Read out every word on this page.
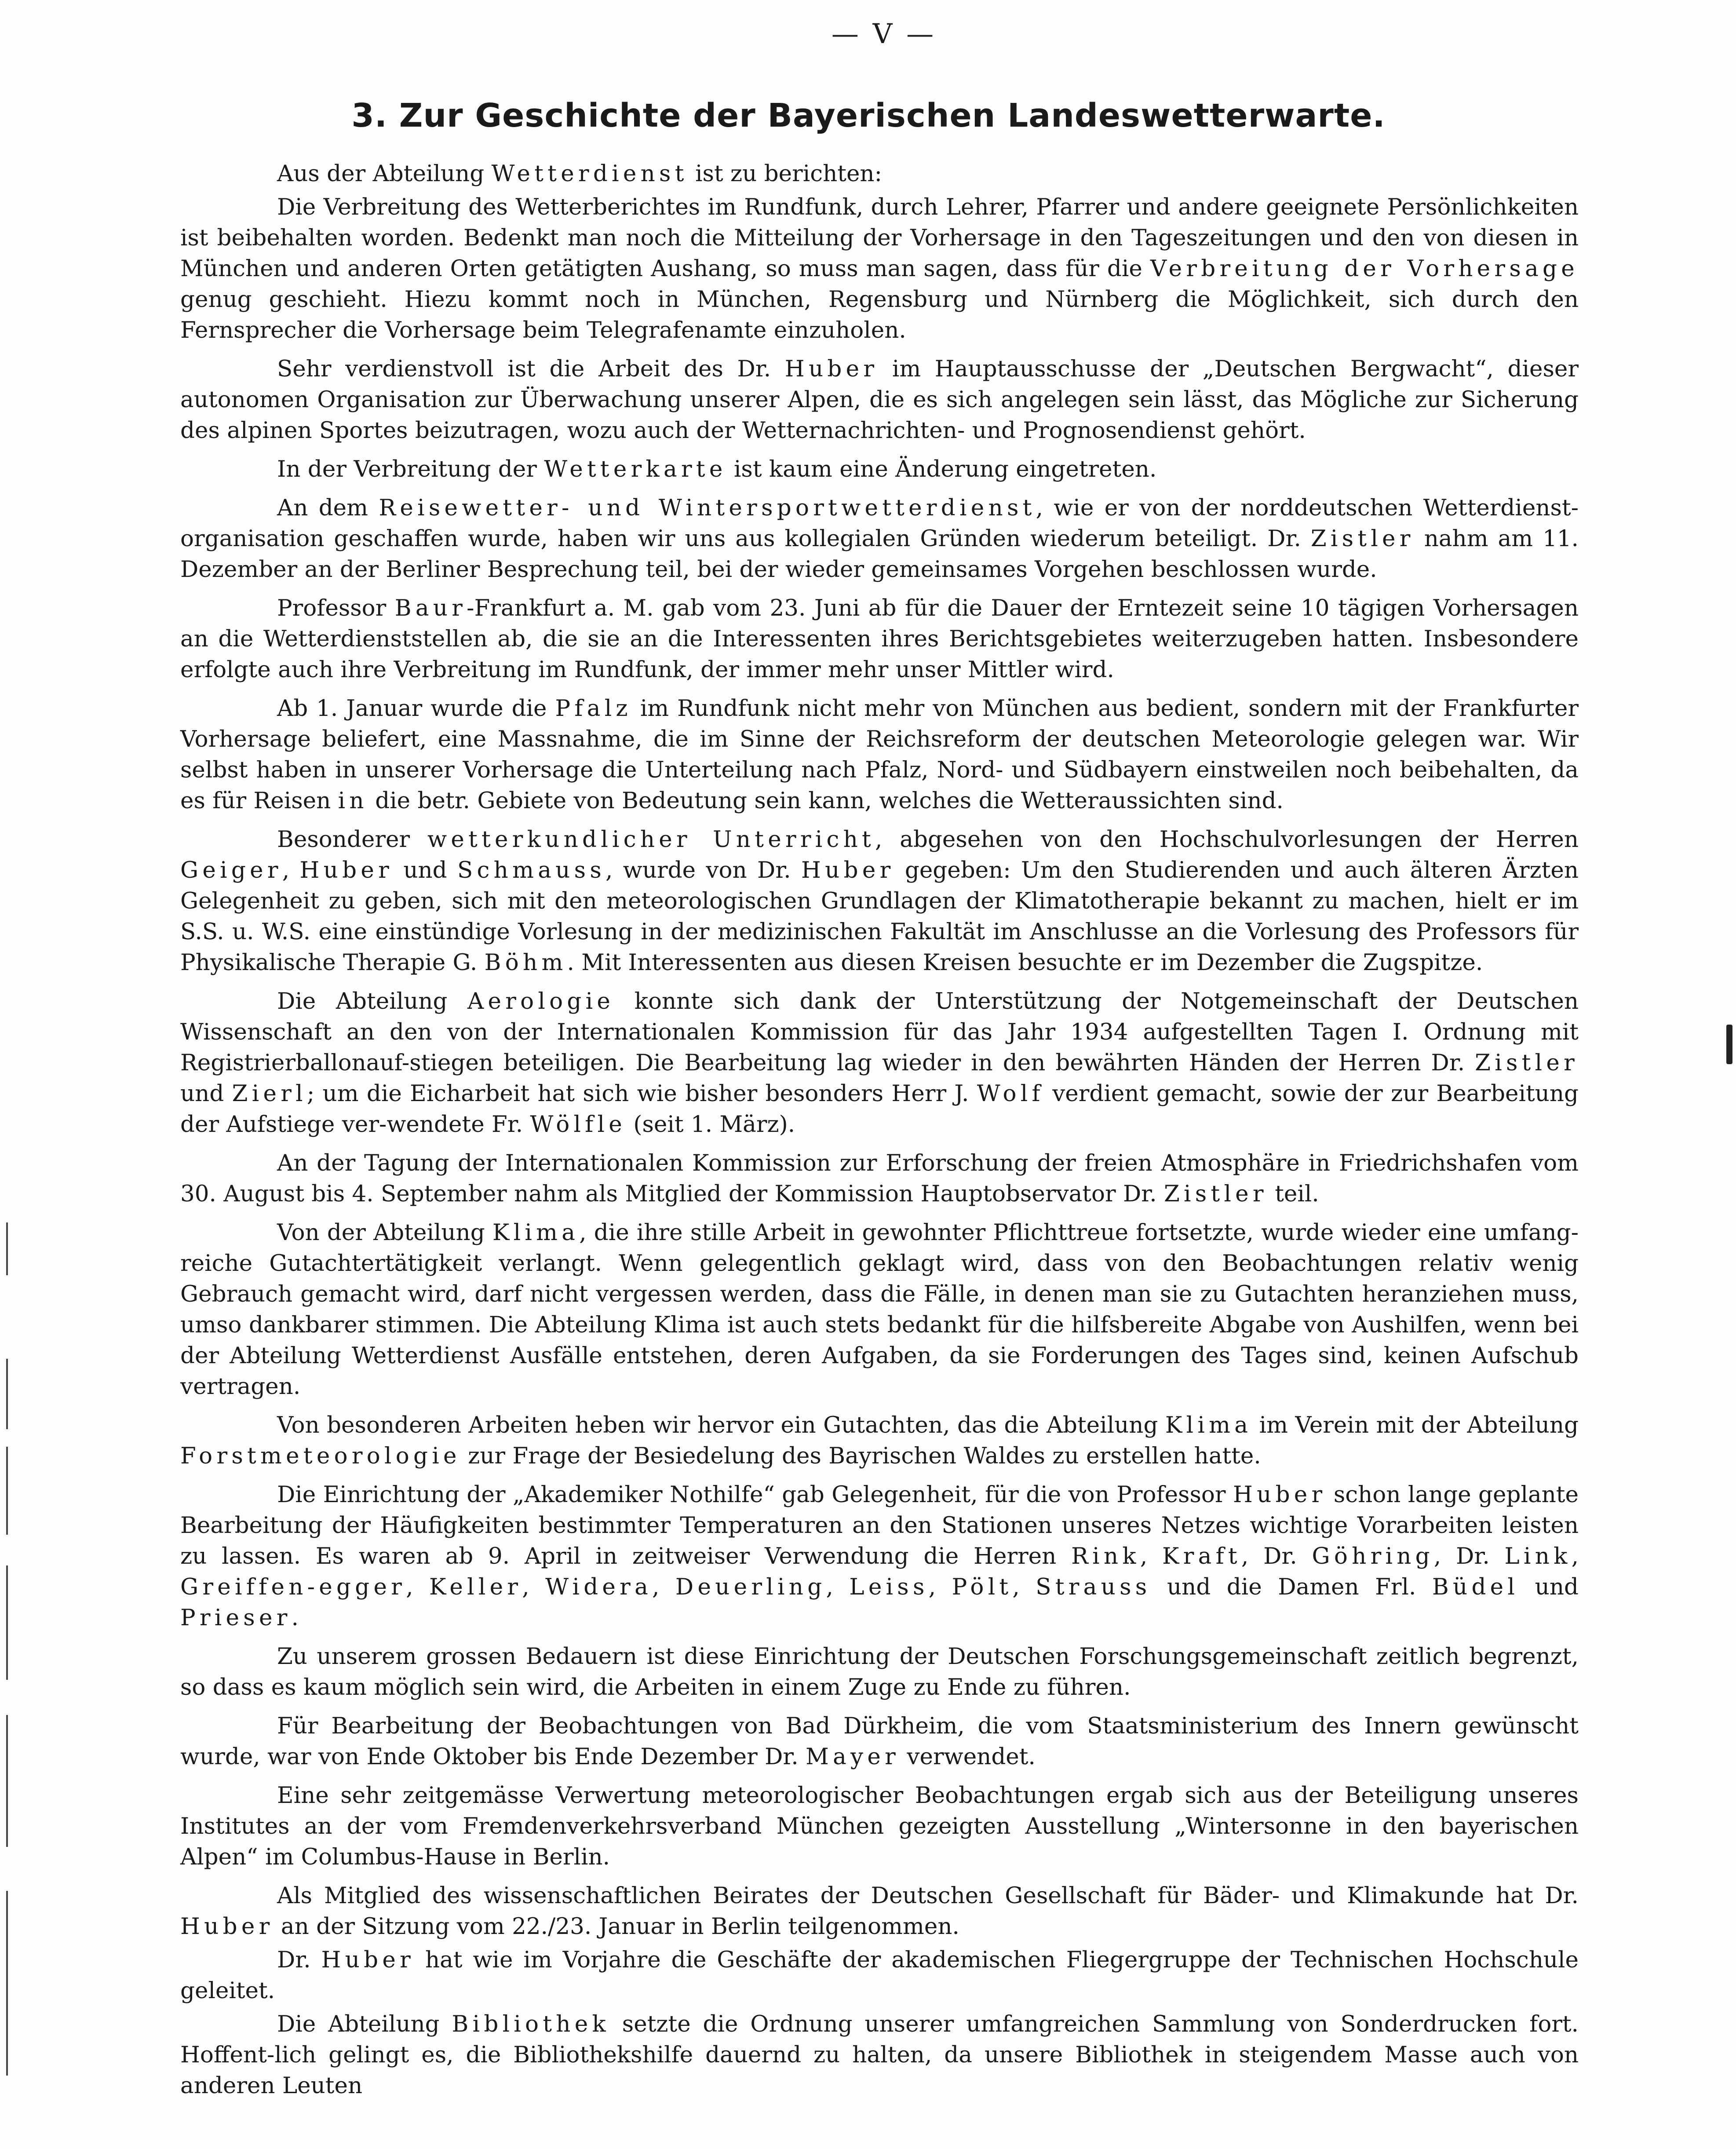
— V —
3. Zur Geschichte der Bayerischen Landeswetterwarte.

Aus der Abteilung Wetterdienst ist zu berichten:

Die Verbreitung des Wetterberichtes im Rundfunk, durch Lehrer, Pfarrer und andere geeignete Persönlichkeiten ist beibehalten worden. Bedenkt man noch die Mitteilung der Vorhersage in den Tageszeitungen und den von diesen in München und anderen Orten getätigten Aushang, so muss man sagen, dass für die Verbreitung der Vorhersage genug geschieht. Hiezu kommt noch in München, Regensburg und Nürnberg die Möglichkeit, sich durch den Fernsprecher die Vorhersage beim Telegrafenamte einzuholen.

Sehr verdienstvoll ist die Arbeit des Dr. Huber im Hauptausschusse der „Deutschen Bergwacht“, dieser autonomen Organisation zur Überwachung unserer Alpen, die es sich angelegen sein lässt, das Mögliche zur Sicherung des alpinen Sportes beizutragen, wozu auch der Wetternachrichten- und Prognosendienst gehört.

In der Verbreitung der Wetterkarte ist kaum eine Änderung eingetreten.

An dem Reisewetter- und Wintersportwetterdienst, wie er von der norddeutschen Wetterdienst-organisation geschaffen wurde, haben wir uns aus kollegialen Gründen wiederum beteiligt. Dr. Zistler nahm am 11. Dezember an der Berliner Besprechung teil, bei der wieder gemeinsames Vorgehen beschlossen wurde.

Professor Baur-Frankfurt a. M. gab vom 23. Juni ab für die Dauer der Erntezeit seine 10 tägigen Vorhersagen an die Wetterdienststellen ab, die sie an die Interessenten ihres Berichtsgebietes weiterzugeben hatten. Insbesondere erfolgte auch ihre Verbreitung im Rundfunk, der immer mehr unser Mittler wird.

Ab 1. Januar wurde die Pfalz im Rundfunk nicht mehr von München aus bedient, sondern mit der Frankfurter Vorhersage beliefert, eine Massnahme, die im Sinne der Reichsreform der deutschen Meteorologie gelegen war. Wir selbst haben in unserer Vorhersage die Unterteilung nach Pfalz, Nord- und Südbayern einstweilen noch beibehalten, da es für Reisen in die betr. Gebiete von Bedeutung sein kann, welches die Wetteraussichten sind.

Besonderer wetterkundlicher Unterricht, abgesehen von den Hochschulvorlesungen der Herren Geiger, Huber und Schmauss, wurde von Dr. Huber gegeben: Um den Studierenden und auch älteren Ärzten Gelegenheit zu geben, sich mit den meteorologischen Grundlagen der Klimatotherapie bekannt zu machen, hielt er im S.S. u. W.S. eine einstündige Vorlesung in der medizinischen Fakultät im Anschlusse an die Vorlesung des Professors für Physikalische Therapie G. Böhm. Mit Interessenten aus diesen Kreisen besuchte er im Dezember die Zugspitze.

Die Abteilung Aerologie konnte sich dank der Unterstützung der Notgemeinschaft der Deutschen Wissenschaft an den von der Internationalen Kommission für das Jahr 1934 aufgestellten Tagen I. Ordnung mit Registrierballonauf-stiegen beteiligen. Die Bearbeitung lag wieder in den bewährten Händen der Herren Dr. Zistler und Zierl; um die Eicharbeit hat sich wie bisher besonders Herr J. Wolf verdient gemacht, sowie der zur Bearbeitung der Aufstiege ver-wendete Fr. Wölfle (seit 1. März).

An der Tagung der Internationalen Kommission zur Erforschung der freien Atmosphäre in Friedrichshafen vom 30. August bis 4. September nahm als Mitglied der Kommission Hauptobservator Dr. Zistler teil.

Von der Abteilung Klima, die ihre stille Arbeit in gewohnter Pflichttreue fortsetzte, wurde wieder eine umfang-reiche Gutachtertätigkeit verlangt. Wenn gelegentlich geklagt wird, dass von den Beobachtungen relativ wenig Gebrauch gemacht wird, darf nicht vergessen werden, dass die Fälle, in denen man sie zu Gutachten heranziehen muss, umso dankbarer stimmen. Die Abteilung Klima ist auch stets bedankt für die hilfsbereite Abgabe von Aushilfen, wenn bei der Abteilung Wetterdienst Ausfälle entstehen, deren Aufgaben, da sie Forderungen des Tages sind, keinen Aufschub vertragen.

Von besonderen Arbeiten heben wir hervor ein Gutachten, das die Abteilung Klima im Verein mit der Abteilung Forstmeteorologie zur Frage der Besiedelung des Bayrischen Waldes zu erstellen hatte.

Die Einrichtung der „Akademiker Nothilfe“ gab Gelegenheit, für die von Professor Huber schon lange geplante Bearbeitung der Häufigkeiten bestimmter Temperaturen an den Stationen unseres Netzes wichtige Vorarbeiten leisten zu lassen. Es waren ab 9. April in zeitweiser Verwendung die Herren Rink, Kraft, Dr. Göhring, Dr. Link, Greiffen-egger, Keller, Widera, Deuerling, Leiss, Pölt, Strauss und die Damen Frl. Büdel und Prieser.

Zu unserem grossen Bedauern ist diese Einrichtung der Deutschen Forschungsgemeinschaft zeitlich begrenzt, so dass es kaum möglich sein wird, die Arbeiten in einem Zuge zu Ende zu führen.

Für Bearbeitung der Beobachtungen von Bad Dürkheim, die vom Staatsministerium des Innern gewünscht wurde, war von Ende Oktober bis Ende Dezember Dr. Mayer verwendet.

Eine sehr zeitgemässe Verwertung meteorologischer Beobachtungen ergab sich aus der Beteiligung unseres Institutes an der vom Fremdenverkehrsverband München gezeigten Ausstellung „Wintersonne in den bayerischen Alpen“ im Columbus-Hause in Berlin.

Als Mitglied des wissenschaftlichen Beirates der Deutschen Gesellschaft für Bäder- und Klimakunde hat Dr. Huber an der Sitzung vom 22./23. Januar in Berlin teilgenommen.

Dr. Huber hat wie im Vorjahre die Geschäfte der akademischen Fliegergruppe der Technischen Hochschule geleitet.

Die Abteilung Bibliothek setzte die Ordnung unserer umfangreichen Sammlung von Sonderdrucken fort. Hoffent-lich gelingt es, die Bibliothekshilfe dauernd zu halten, da unsere Bibliothek in steigendem Masse auch von anderen Leuten
